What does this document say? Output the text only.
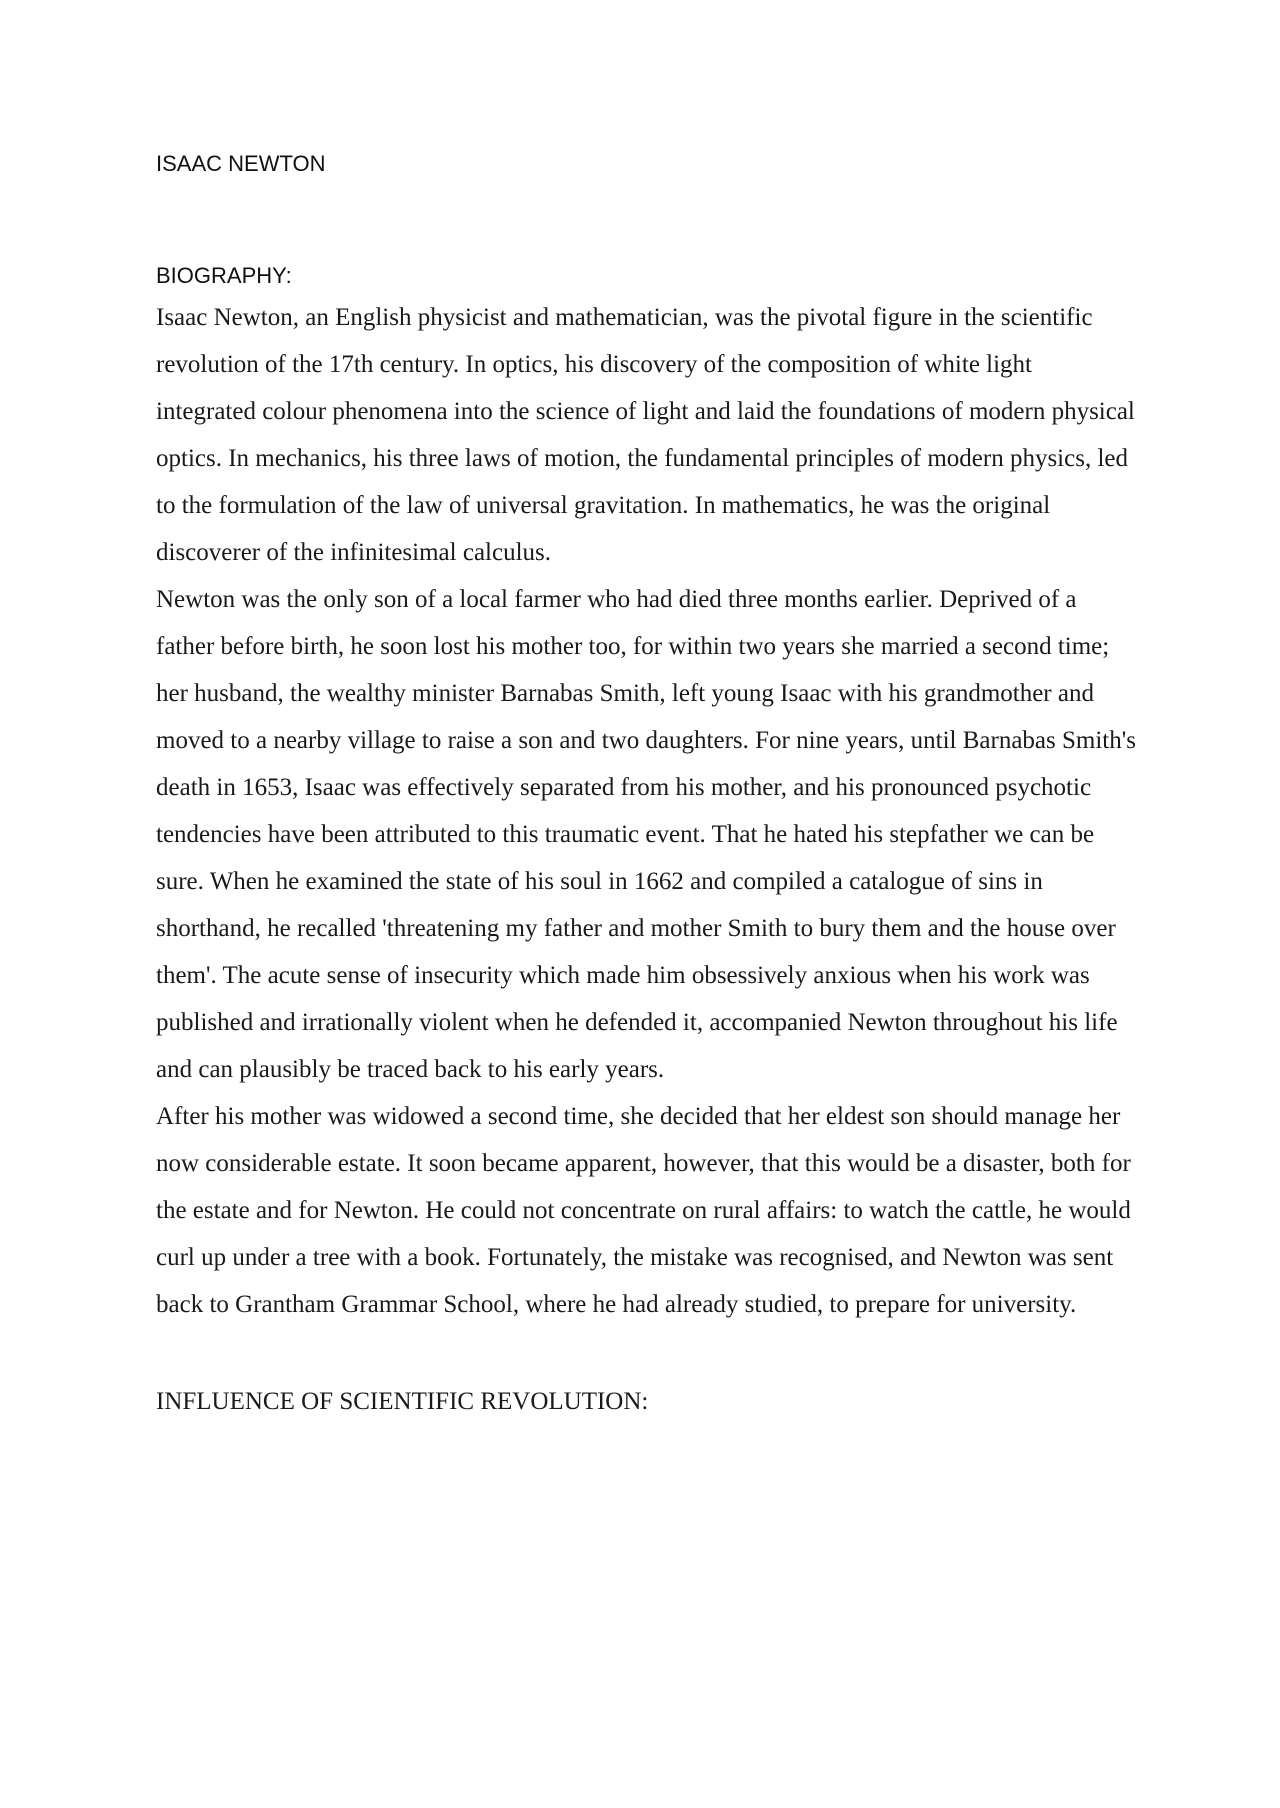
ISAAC NEWTON
BIOGRAPHY:

Isaac Newton, an English physicist and mathematician, was the pivotal figure in the scientific revolution of the 17th century. In optics, his discovery of the composition of white light integrated colour phenomena into the science of light and laid the foundations of modern physical optics. In mechanics, his three laws of motion, the fundamental principles of modern physics, led to the formulation of the law of universal gravitation. In mathematics, he was the original discoverer of the infinitesimal calculus.

Newton was the only son of a local farmer who had died three months earlier. Deprived of a father before birth, he soon lost his mother too, for within two years she married a second time; her husband, the wealthy minister Barnabas Smith, left young Isaac with his grandmother and moved to a nearby village to raise a son and two daughters. For nine years, until Barnabas Smith's death in 1653, Isaac was effectively separated from his mother, and his pronounced psychotic tendencies have been attributed to this traumatic event. That he hated his stepfather we can be sure. When he examined the state of his soul in 1662 and compiled a catalogue of sins in shorthand, he recalled 'threatening my father and mother Smith to bury them and the house over them'. The acute sense of insecurity which made him obsessively anxious when his work was published and irrationally violent when he defended it, accompanied Newton throughout his life and can plausibly be traced back to his early years.

After his mother was widowed a second time, she decided that her eldest son should manage her now considerable estate. It soon became apparent, however, that this would be a disaster, both for the estate and for Newton. He could not concentrate on rural affairs: to watch the cattle, he would curl up under a tree with a book. Fortunately, the mistake was recognised, and Newton was sent back to Grantham Grammar School, where he had already studied, to prepare for university.

INFLUENCE OF SCIENTIFIC REVOLUTION:
